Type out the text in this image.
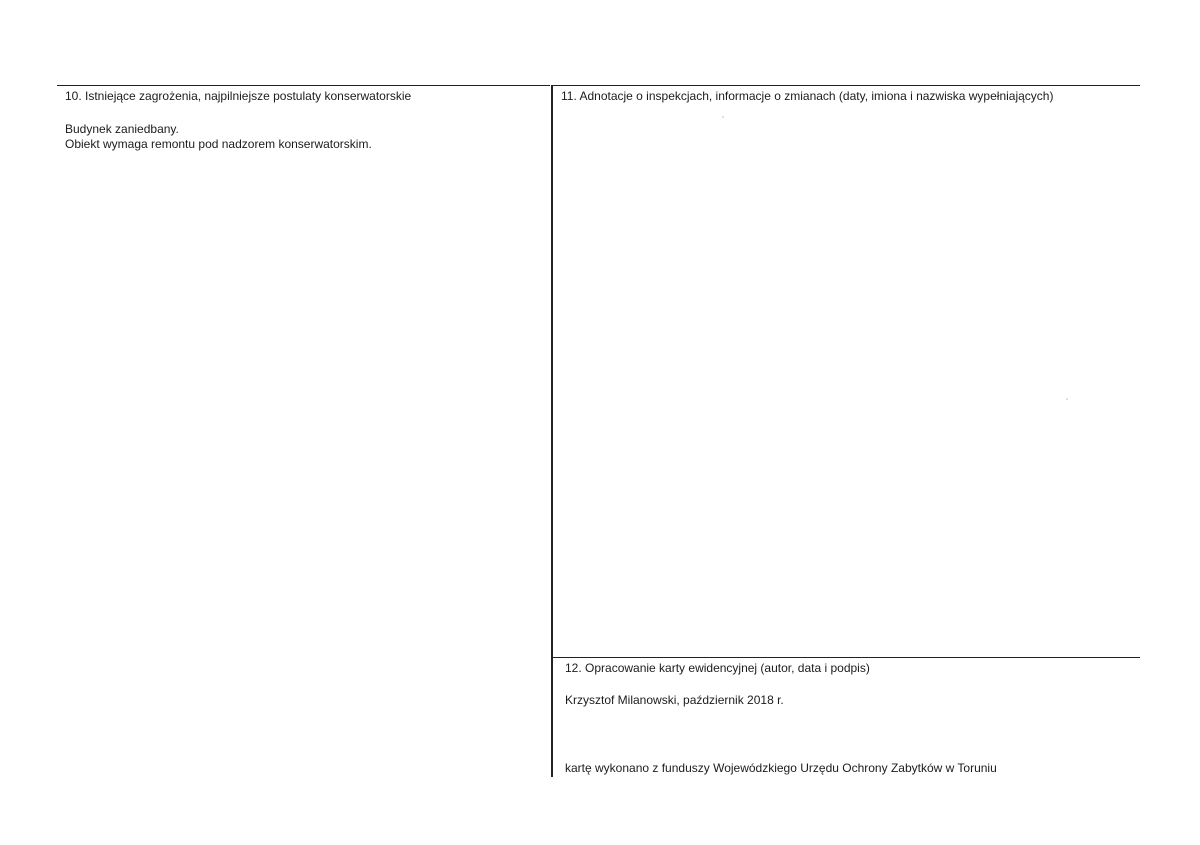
10. Istniejące zagrożenia, najpilniejsze postulaty konserwatorskie
Budynek zaniedbany.
Obiekt wymaga remontu pod nadzorem konserwatorskim.
11. Adnotacje o inspekcjach, informacje o zmianach (daty, imiona i nazwiska wypełniających)
12. Opracowanie karty ewidencyjnej (autor, data i podpis)
Krzysztof Milanowski, październik 2018 r.
kartę wykonano z funduszy Wojewódzkiego Urzędu Ochrony Zabytków w Toruniu
